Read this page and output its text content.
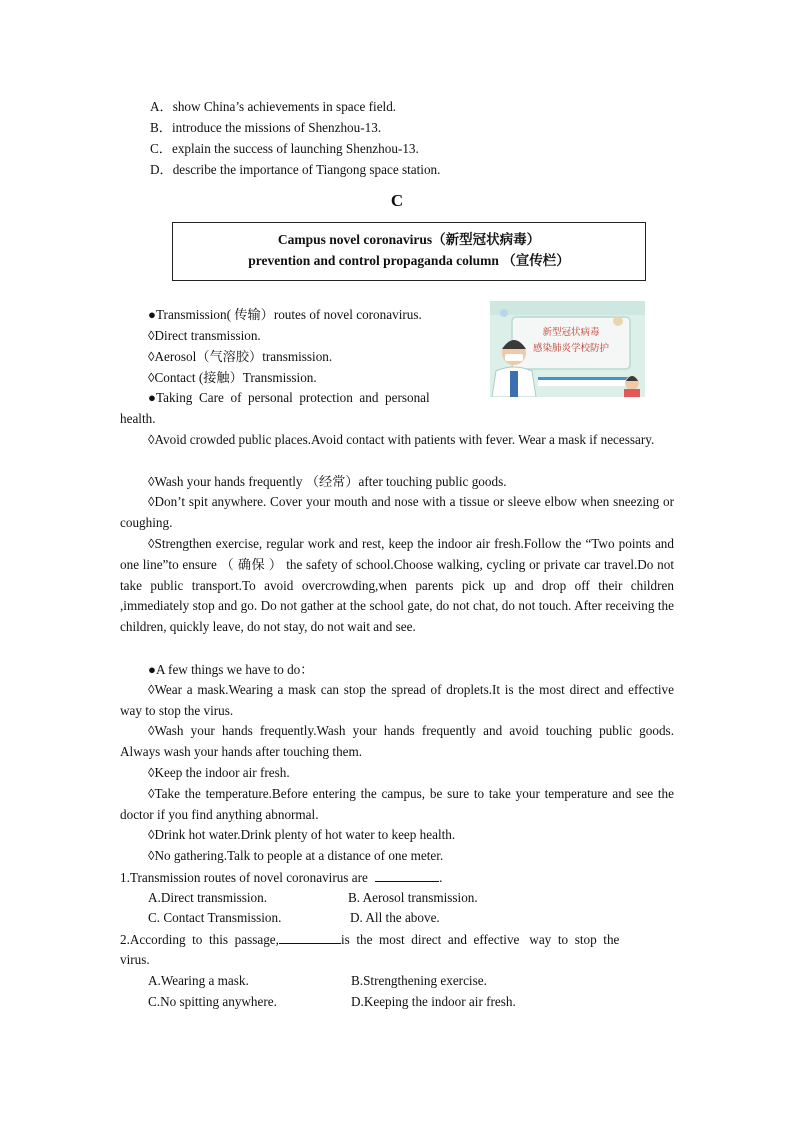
A．show China’s achievements in space field.
B．introduce the missions of Shenzhou-13.
C．explain the success of launching Shenzhou-13.
D．describe the importance of Tiangong space station.
C
Campus novel coronavirus（新型冠状病毒）
prevention and control propaganda column （宣传栏）
新型冠状病毒
感染肺炎学校防护
●Transmission( 传输）routes of novel coronavirus.
◊Direct transmission.
◊Aerosol（气溶胶）transmission.
◊Contact (接触）Transmission.
●Taking  Care  of  personal  protection  and  personal
health.
◊Avoid crowded public places.Avoid contact with patients with fever. Wear a mask if necessary.
◊Wash your hands frequently （经常）after touching public goods.
◊Don’t spit anywhere. Cover your mouth and nose with a tissue or sleeve elbow when sneezing or coughing.
◊Strengthen exercise, regular work and rest, keep the indoor air fresh.Follow the “Two points and one line”to ensure （ 确保 ） the safety of school.Choose walking, cycling or private car travel.Do not take public transport.To avoid overcrowding,when parents pick up and drop off their children ,immediately stop and go. Do not gather at the school gate, do not chat, do not touch. After receiving the children, quickly leave, do not stay, do not wait and see.
●A few things we have to do：
◊Wear a mask.Wearing a mask can stop the spread of droplets.It is the most direct and effective way to stop the virus.
◊Wash your hands frequently.Wash your hands frequently and avoid touching public goods. Always wash your hands after touching them.
◊Keep the indoor air fresh.
◊Take the temperature.Before entering the campus, be sure to take your temperature and see the doctor if you find anything abnormal.
◊Drink hot water.Drink plenty of hot water to keep health.
◊No gathering.Talk to people at a distance of one meter.
1.Transmission routes of novel coronavirus are	.
A.Direct transmission.	B. Aerosol transmission.
C. Contact Transmission.	D. All the above.
2.According  to  this  passage,	is  the  most  direct  and  effective   way  to  stop  the
virus.
A.Wearing a mask.	B.Strengthening exercise.
C.No spitting anywhere.	D.Keeping the indoor air fresh.
